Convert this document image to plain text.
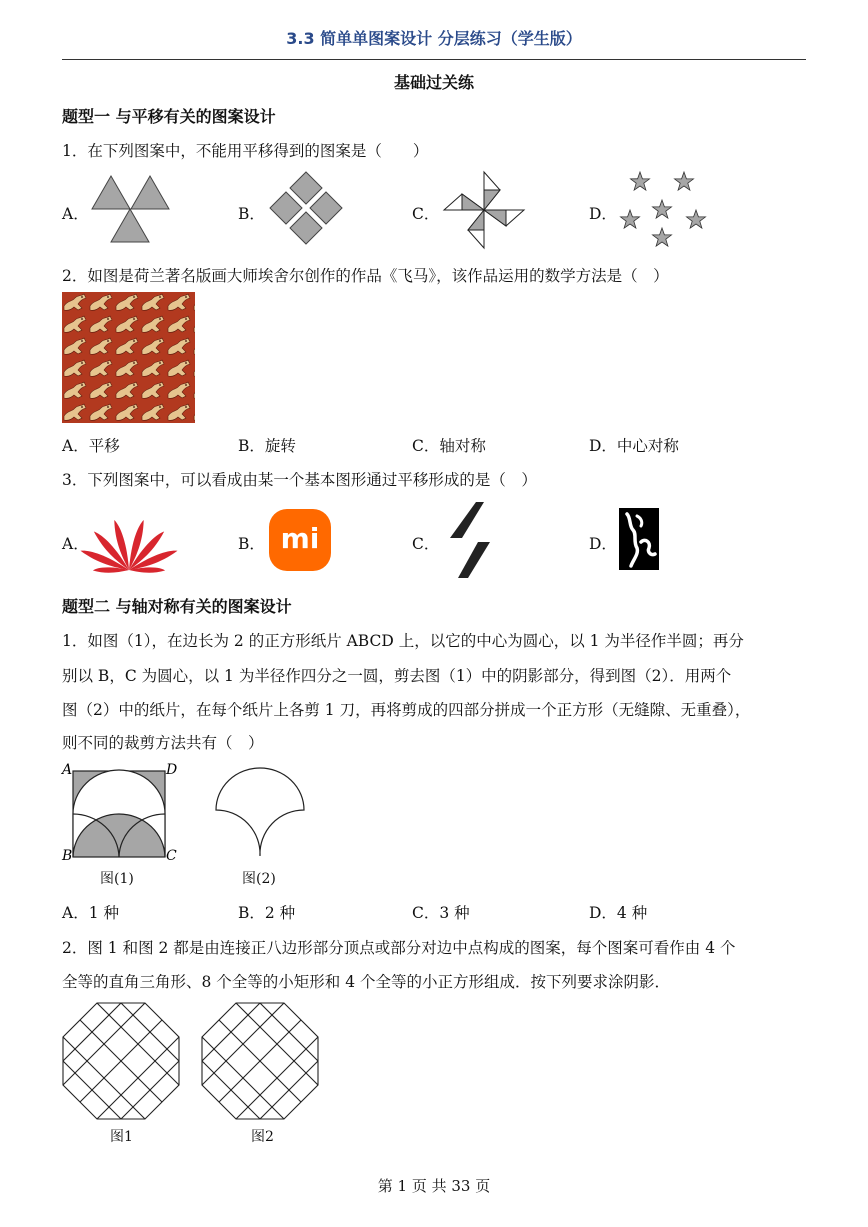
3.3 简单单图案设计 分层练习（学生版）
基础过关练
题型一 与平移有关的图案设计
1．在下列图案中，不能用平移得到的图案是（　　）
A．	B．	C．	D．
2．如图是荷兰著名版画大师埃舍尔创作的作品《飞马》，该作品运用的数学方法是（　）
A．平移	B．旋转	C．轴对称	D．中心对称
3．下列图案中，可以看成由某一个基本图形通过平移形成的是（　）
A．	B．	C．	D．
mi
题型二 与轴对称有关的图案设计
1．如图（1），在边长为 2 的正方形纸片 ABCD 上，以它的中心为圆心，以 1 为半径作半圆；再分
别以 B，C 为圆心，以 1 为半径作四分之一圆，剪去图（1）中的阴影部分，得到图（2）．用两个
图（2）中的纸片，在每个纸片上各剪 1 刀，再将剪成的四部分拼成一个正方形（无缝隙、无重叠），
则不同的裁剪方法共有（　）
A	D
B	C
图(1)	图(2)
A．1 种	B．2 种	C．3 种	D．4 种
2．图 1 和图 2 都是由连接正八边形部分顶点或部分对边中点构成的图案，每个图案可看作由 4 个
全等的直角三角形、8 个全等的小矩形和 4 个全等的小正方形组成．按下列要求涂阴影．
图1	图2
第 1 页 共 33 页
